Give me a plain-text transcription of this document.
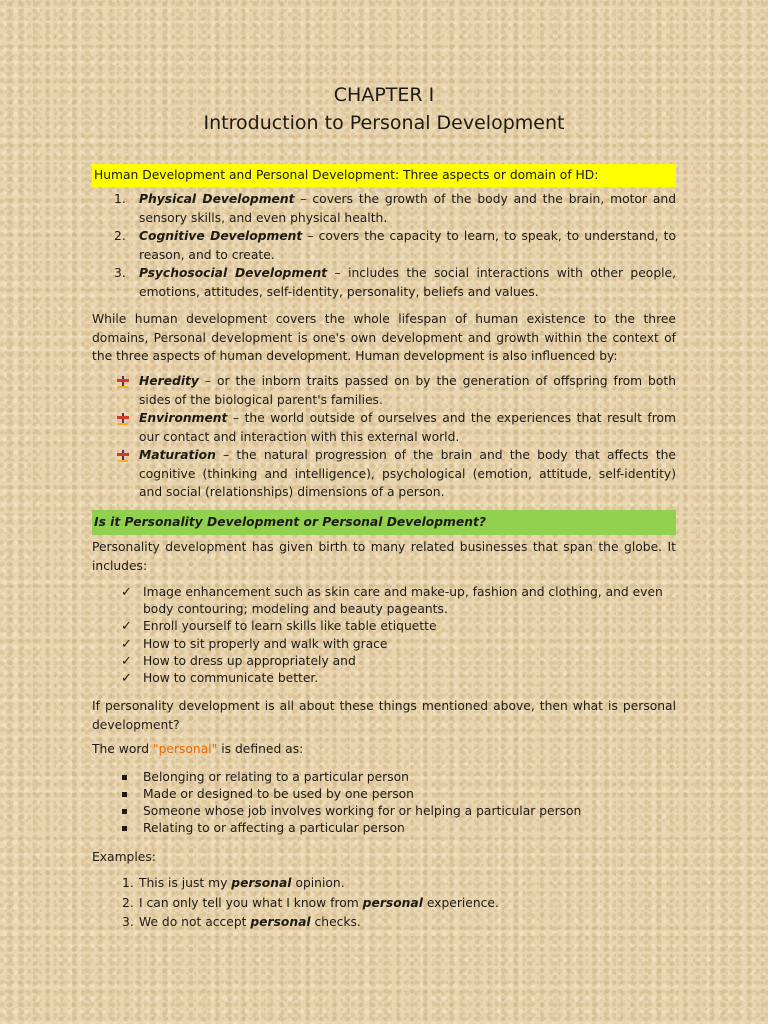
CHAPTER I
Introduction to Personal Development

Human Development and Personal Development: Three aspects or domain of HD:

1. Physical Development – covers the growth of the body and the brain, motor and sensory skills, and even physical health.
2. Cognitive Development – covers the capacity to learn, to speak, to understand, to reason, and to create.
3. Psychosocial Development – includes the social interactions with other people, emotions, attitudes, self-identity, personality, beliefs and values.

While human development covers the whole lifespan of human existence to the three domains, Personal development is one's own development and growth within the context of the three aspects of human development. Human development is also influenced by:

Heredity – or the inborn traits passed on by the generation of offspring from both sides of the biological parent's families.
Environment – the world outside of ourselves and the experiences that result from our contact and interaction with this external world.
Maturation – the natural progression of the brain and the body that affects the cognitive (thinking and intelligence), psychological (emotion, attitude, self-identity) and social (relationships) dimensions of a person.

Is it Personality Development or Personal Development?

Personality development has given birth to many related businesses that span the globe. It includes:

✓ Image enhancement such as skin care and make-up, fashion and clothing, and even body contouring; modeling and beauty pageants.
✓ Enroll yourself to learn skills like table etiquette
✓ How to sit properly and walk with grace
✓ How to dress up appropriately and
✓ How to communicate better.

If personality development is all about these things mentioned above, then what is personal development?

The word "personal" is defined as:

Belonging or relating to a particular person
Made or designed to be used by one person
Someone whose job involves working for or helping a particular person
Relating to or affecting a particular person

Examples:

1. This is just my personal opinion.
2. I can only tell you what I know from personal experience.
3. We do not accept personal checks.
